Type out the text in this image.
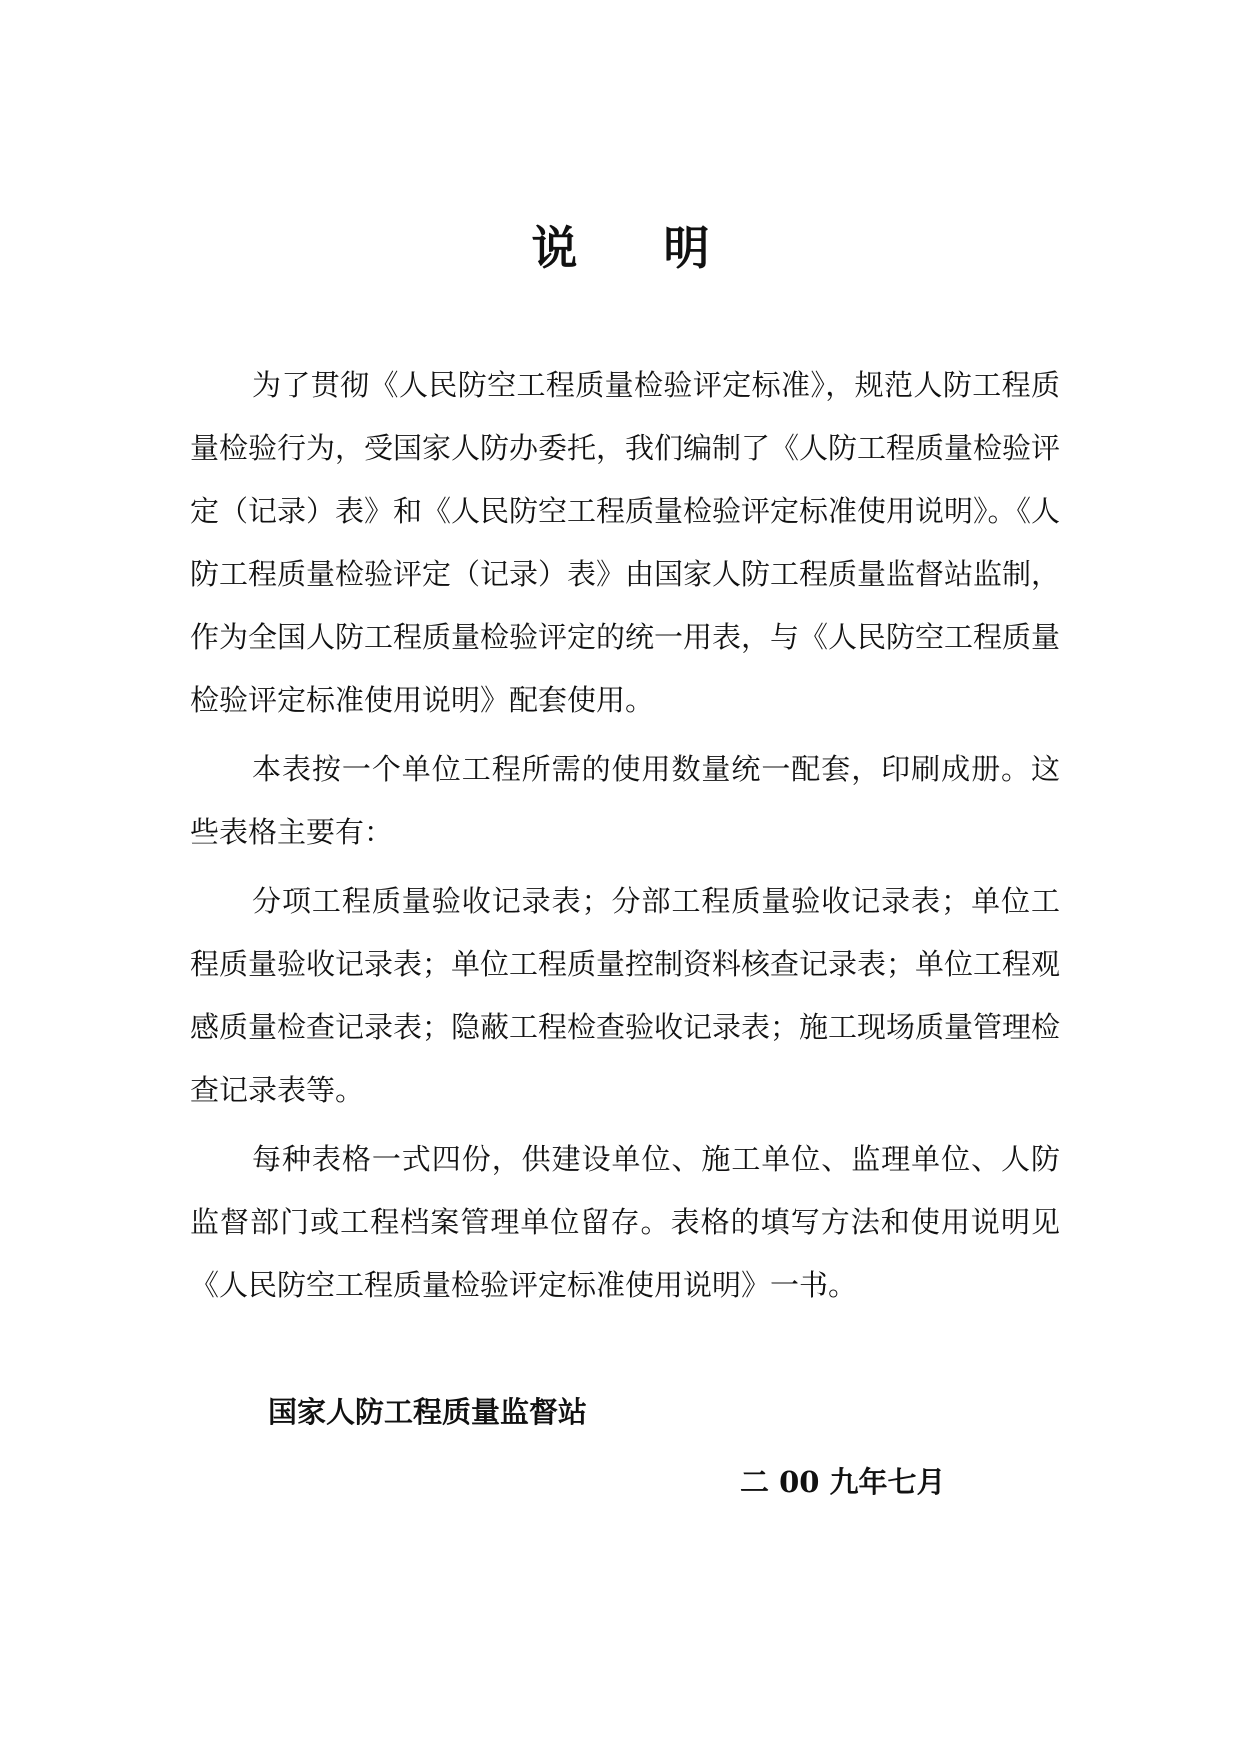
说明

为了贯彻《人民防空工程质量检验评定标准》，规范人防工程质量检验行为，受国家人防办委托，我们编制了《人防工程质量检验评定（记录）表》和《人民防空工程质量检验评定标准使用说明》。《人防工程质量检验评定（记录）表》由国家人防工程质量监督站监制，作为全国人防工程质量检验评定的统一用表，与《人民防空工程质量检验评定标准使用说明》配套使用。

本表按一个单位工程所需的使用数量统一配套，印刷成册。这些表格主要有：

分项工程质量验收记录表；分部工程质量验收记录表；单位工程质量验收记录表；单位工程质量控制资料核查记录表；单位工程观感质量检查记录表；隐蔽工程检查验收记录表；施工现场质量管理检查记录表等。

每种表格一式四份，供建设单位、施工单位、监理单位、人防监督部门或工程档案管理单位留存。表格的填写方法和使用说明见《人民防空工程质量检验评定标准使用说明》一书。

国家人防工程质量监督站

二 00 九年七月
